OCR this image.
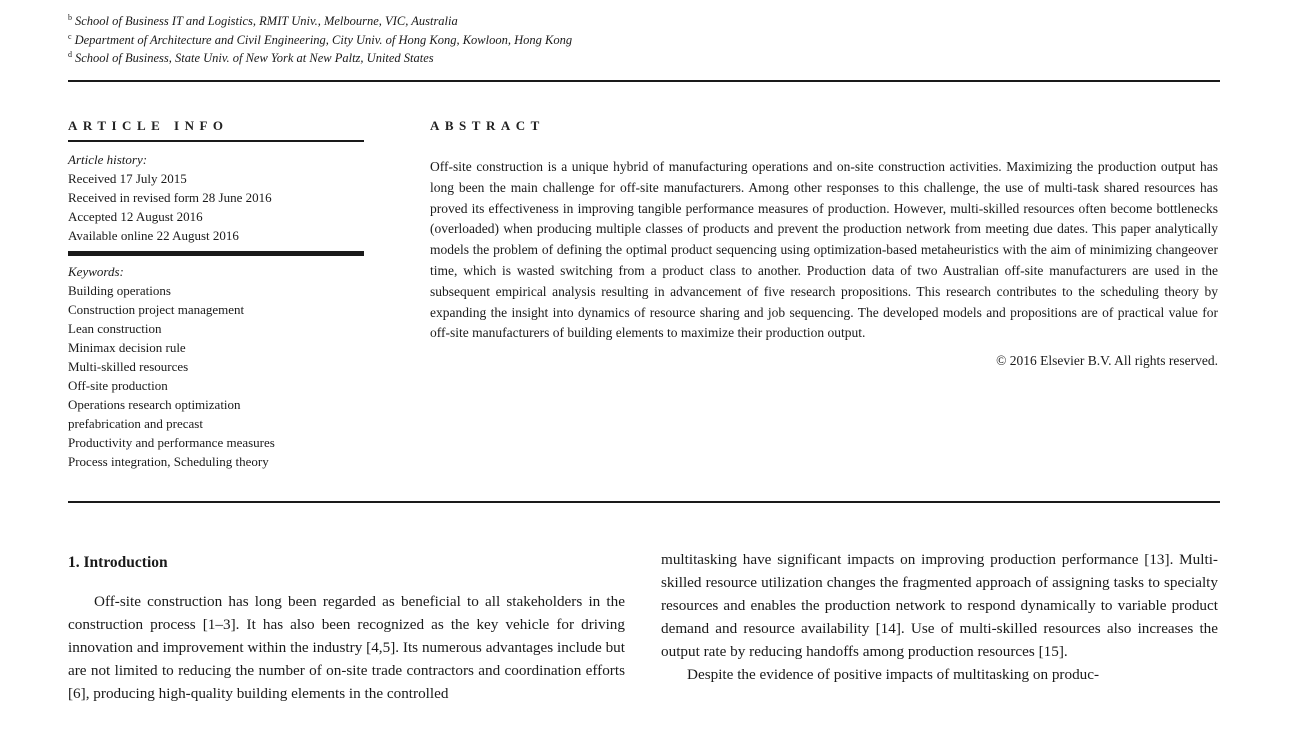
$^b$ School of Business IT and Logistics, RMIT Univ., Melbourne, VIC, Australia
$^c$ Department of Architecture and Civil Engineering, City Univ. of Hong Kong, Kowloon, Hong Kong
$^d$ School of Business, State Univ. of New York at New Paltz, United States
ARTICLE INFO	ABSTRACT
Article history:
Received 17 July 2015
Received in revised form 28 June 2016
Accepted 12 August 2016
Available online 22 August 2016
Keywords:
Building operations
Construction project management
Lean construction
Minimax decision rule
Multi-skilled resources
Off-site production
Operations research optimization
prefabrication and precast
Productivity and performance measures
Process integration, Scheduling theory
Off-site construction is a unique hybrid of manufacturing operations and on-site construction activities. Maximizing the production output has long been the main challenge for off-site manufacturers. Among other responses to this challenge, the use of multi-task shared resources has proved its effectiveness in improving tangible performance measures of production. However, multi-skilled resources often become bottlenecks (overloaded) when producing multiple classes of products and prevent the production network from meeting due dates. This paper analytically models the problem of defining the optimal product sequencing using optimization-based metaheuristics with the aim of minimizing changeover time, which is wasted switching from a product class to another. Production data of two Australian off-site manufacturers are used in the subsequent empirical analysis resulting in advancement of five research propositions. This research contributes to the scheduling theory by expanding the insight into dynamics of resource sharing and job sequencing. The developed models and propositions are of practical value for off-site manufacturers of building elements to maximize their production output.
© 2016 Elsevier B.V. All rights reserved.
1. Introduction

Off-site construction has long been regarded as beneficial to all stakeholders in the construction process [1–3]. It has also been recognized as the key vehicle for driving innovation and improvement within the industry [4,5]. Its numerous advantages include but are not limited to reducing the number of on-site trade contractors and coordination efforts [6], producing high-quality building elements in the controlled

multitasking have significant impacts on improving production performance [13]. Multi-skilled resource utilization changes the fragmented approach of assigning tasks to specialty resources and enables the production network to respond dynamically to variable product demand and resource availability [14]. Use of multi-skilled resources also increases the output rate by reducing handoffs among production resources [15].

Despite the evidence of positive impacts of multitasking on produc-
